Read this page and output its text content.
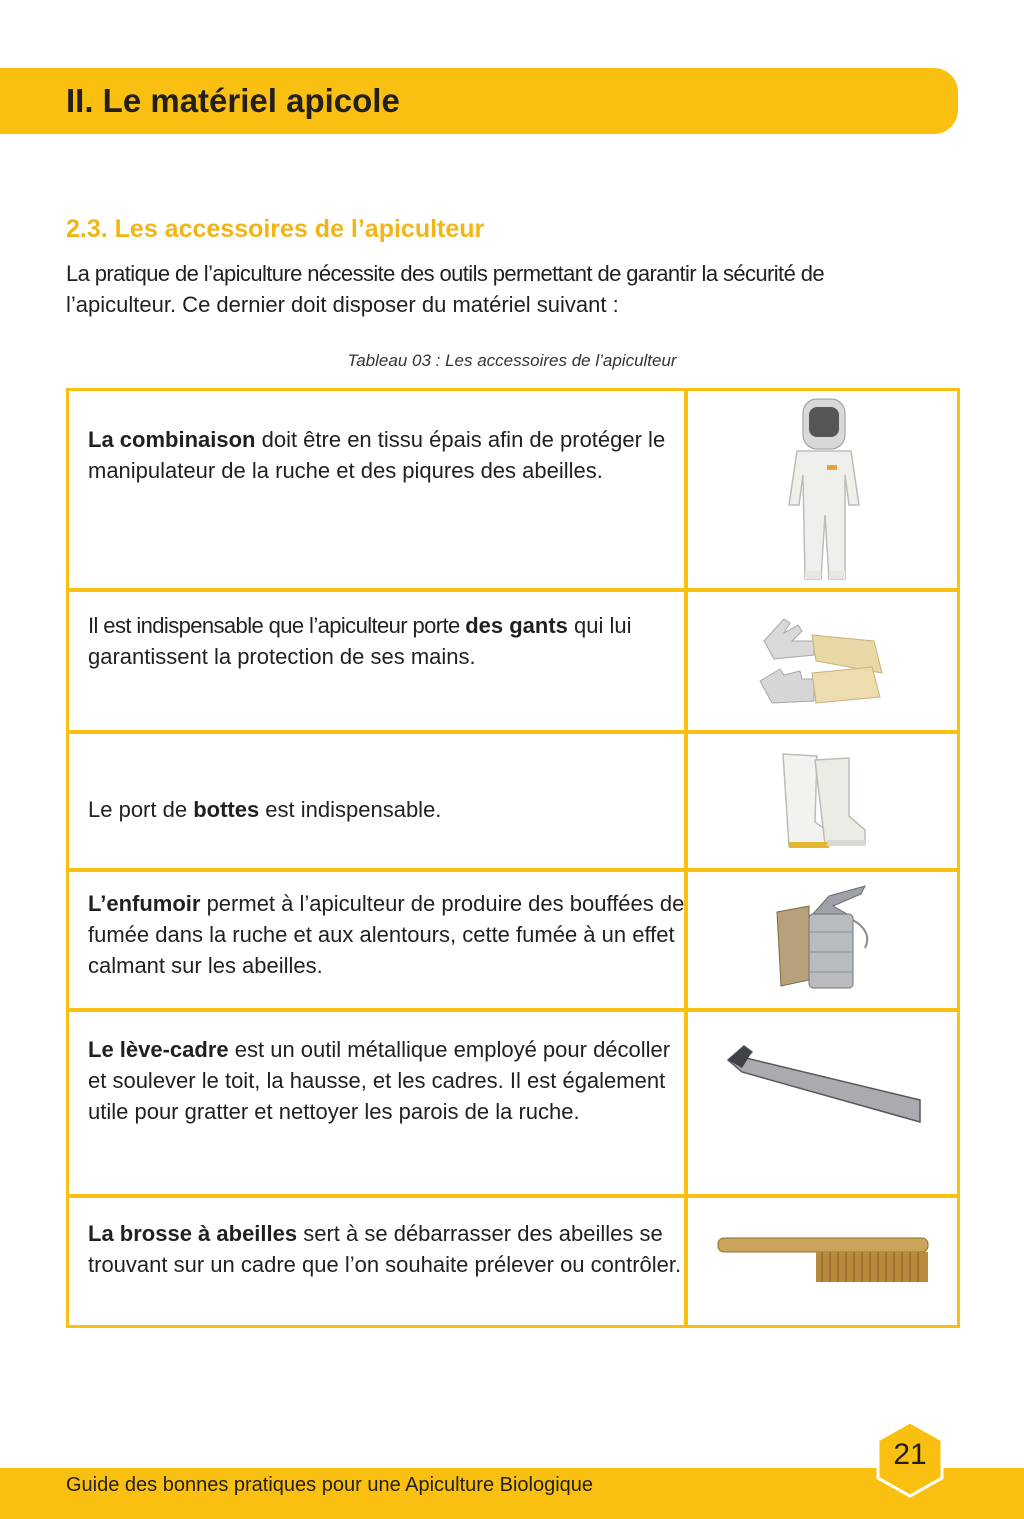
II. Le matériel apicole
2.3. Les accessoires de l’apiculteur
La pratique de l’apiculture nécessite des outils permettant de garantir la sécurité de
l’apiculteur. Ce dernier doit disposer du matériel suivant :
Tableau 03 : Les accessoires de l’apiculteur
La combinaison doit être en tissu épais afin de protéger le manipulateur de la ruche et des piqures des abeilles.
Il est indispensable que l’apiculteur porte des gants qui lui garantissent la protection de ses mains.
Le port de bottes est indispensable.
L’enfumoir permet à l’apiculteur de produire des bouffées de fumée dans la ruche et aux alentours, cette fumée à un effet calmant sur les abeilles.
Le lève-cadre est un outil métallique employé pour décoller et soulever le toit, la hausse, et les cadres. Il est également utile pour gratter et nettoyer les parois de la ruche.
La brosse à abeilles sert à se débarrasser des abeilles se trouvant sur un cadre que l’on souhaite prélever ou contrôler.
Guide des bonnes pratiques pour une Apiculture Biologique
21
